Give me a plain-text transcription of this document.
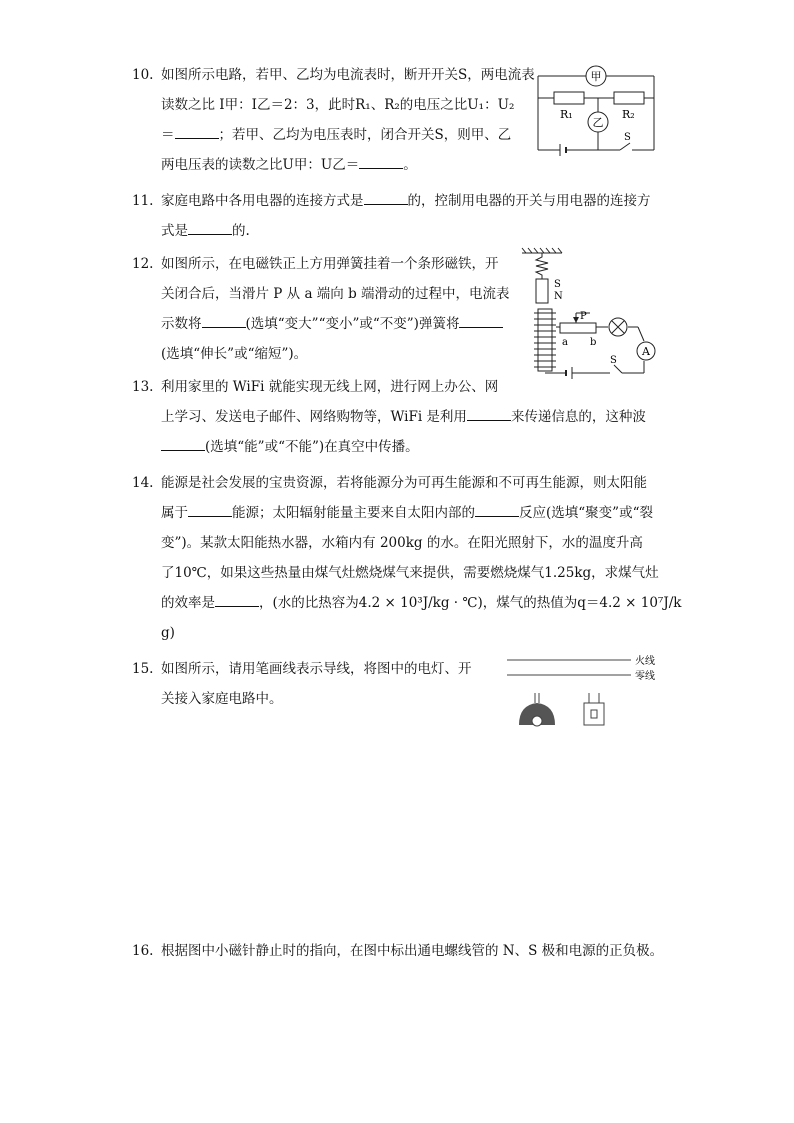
10. 如图所示电路，若甲、乙均为电流表时，断开开关S，两电流表
读数之比 I甲：I乙＝2：3，此时R₁、R₂的电压之比U₁：U₂
＝	；若甲、乙均为电压表时，闭合开关S，则甲、乙
两电压表的读数之比U甲：U乙＝	。
甲
乙
R₁	R₂
S
11. 家庭电路中各用电器的连接方式是	的，控制用电器的开关与用电器的连接方
式是	的.
12. 如图所示，在电磁铁正上方用弹簧挂着一个条形磁铁，开
关闭合后，当滑片 P 从 a 端向 b 端滑动的过程中，电流表
示数将	(选填“变大”“变小”或“不变”)弹簧将
(选填“伸长”或“缩短”)。	A
S
N
P
a b
S
13. 利用家里的 WiFi 就能实现无线上网，进行网上办公、网
上学习、发送电子邮件、网络购物等，WiFi 是利用	来传递信息的，这种波
(选填“能”或“不能”)在真空中传播。
14. 能源是社会发展的宝贵资源，若将能源分为可再生能源和不可再生能源，则太阳能
属于	能源；太阳辐射能量主要来自太阳内部的	反应(选填“聚变”或“裂
变”)。某款太阳能热水器，水箱内有 200kg 的水。在阳光照射下，水的温度升高
了10℃，如果这些热量由煤气灶燃烧煤气来提供，需要燃烧煤气1.25kg，求煤气灶
的效率是	，(水的比热容为4.2 × 10³J/kg · ℃)，煤气的热值为q＝4.2 × 10⁷J/k
g)
15. 如图所示，请用笔画线表示导线，将图中的电灯、开
关接入家庭电路中。
火线
零线
16. 根据图中小磁针静止时的指向，在图中标出通电螺线管的 N、S 极和电源的正负极。
